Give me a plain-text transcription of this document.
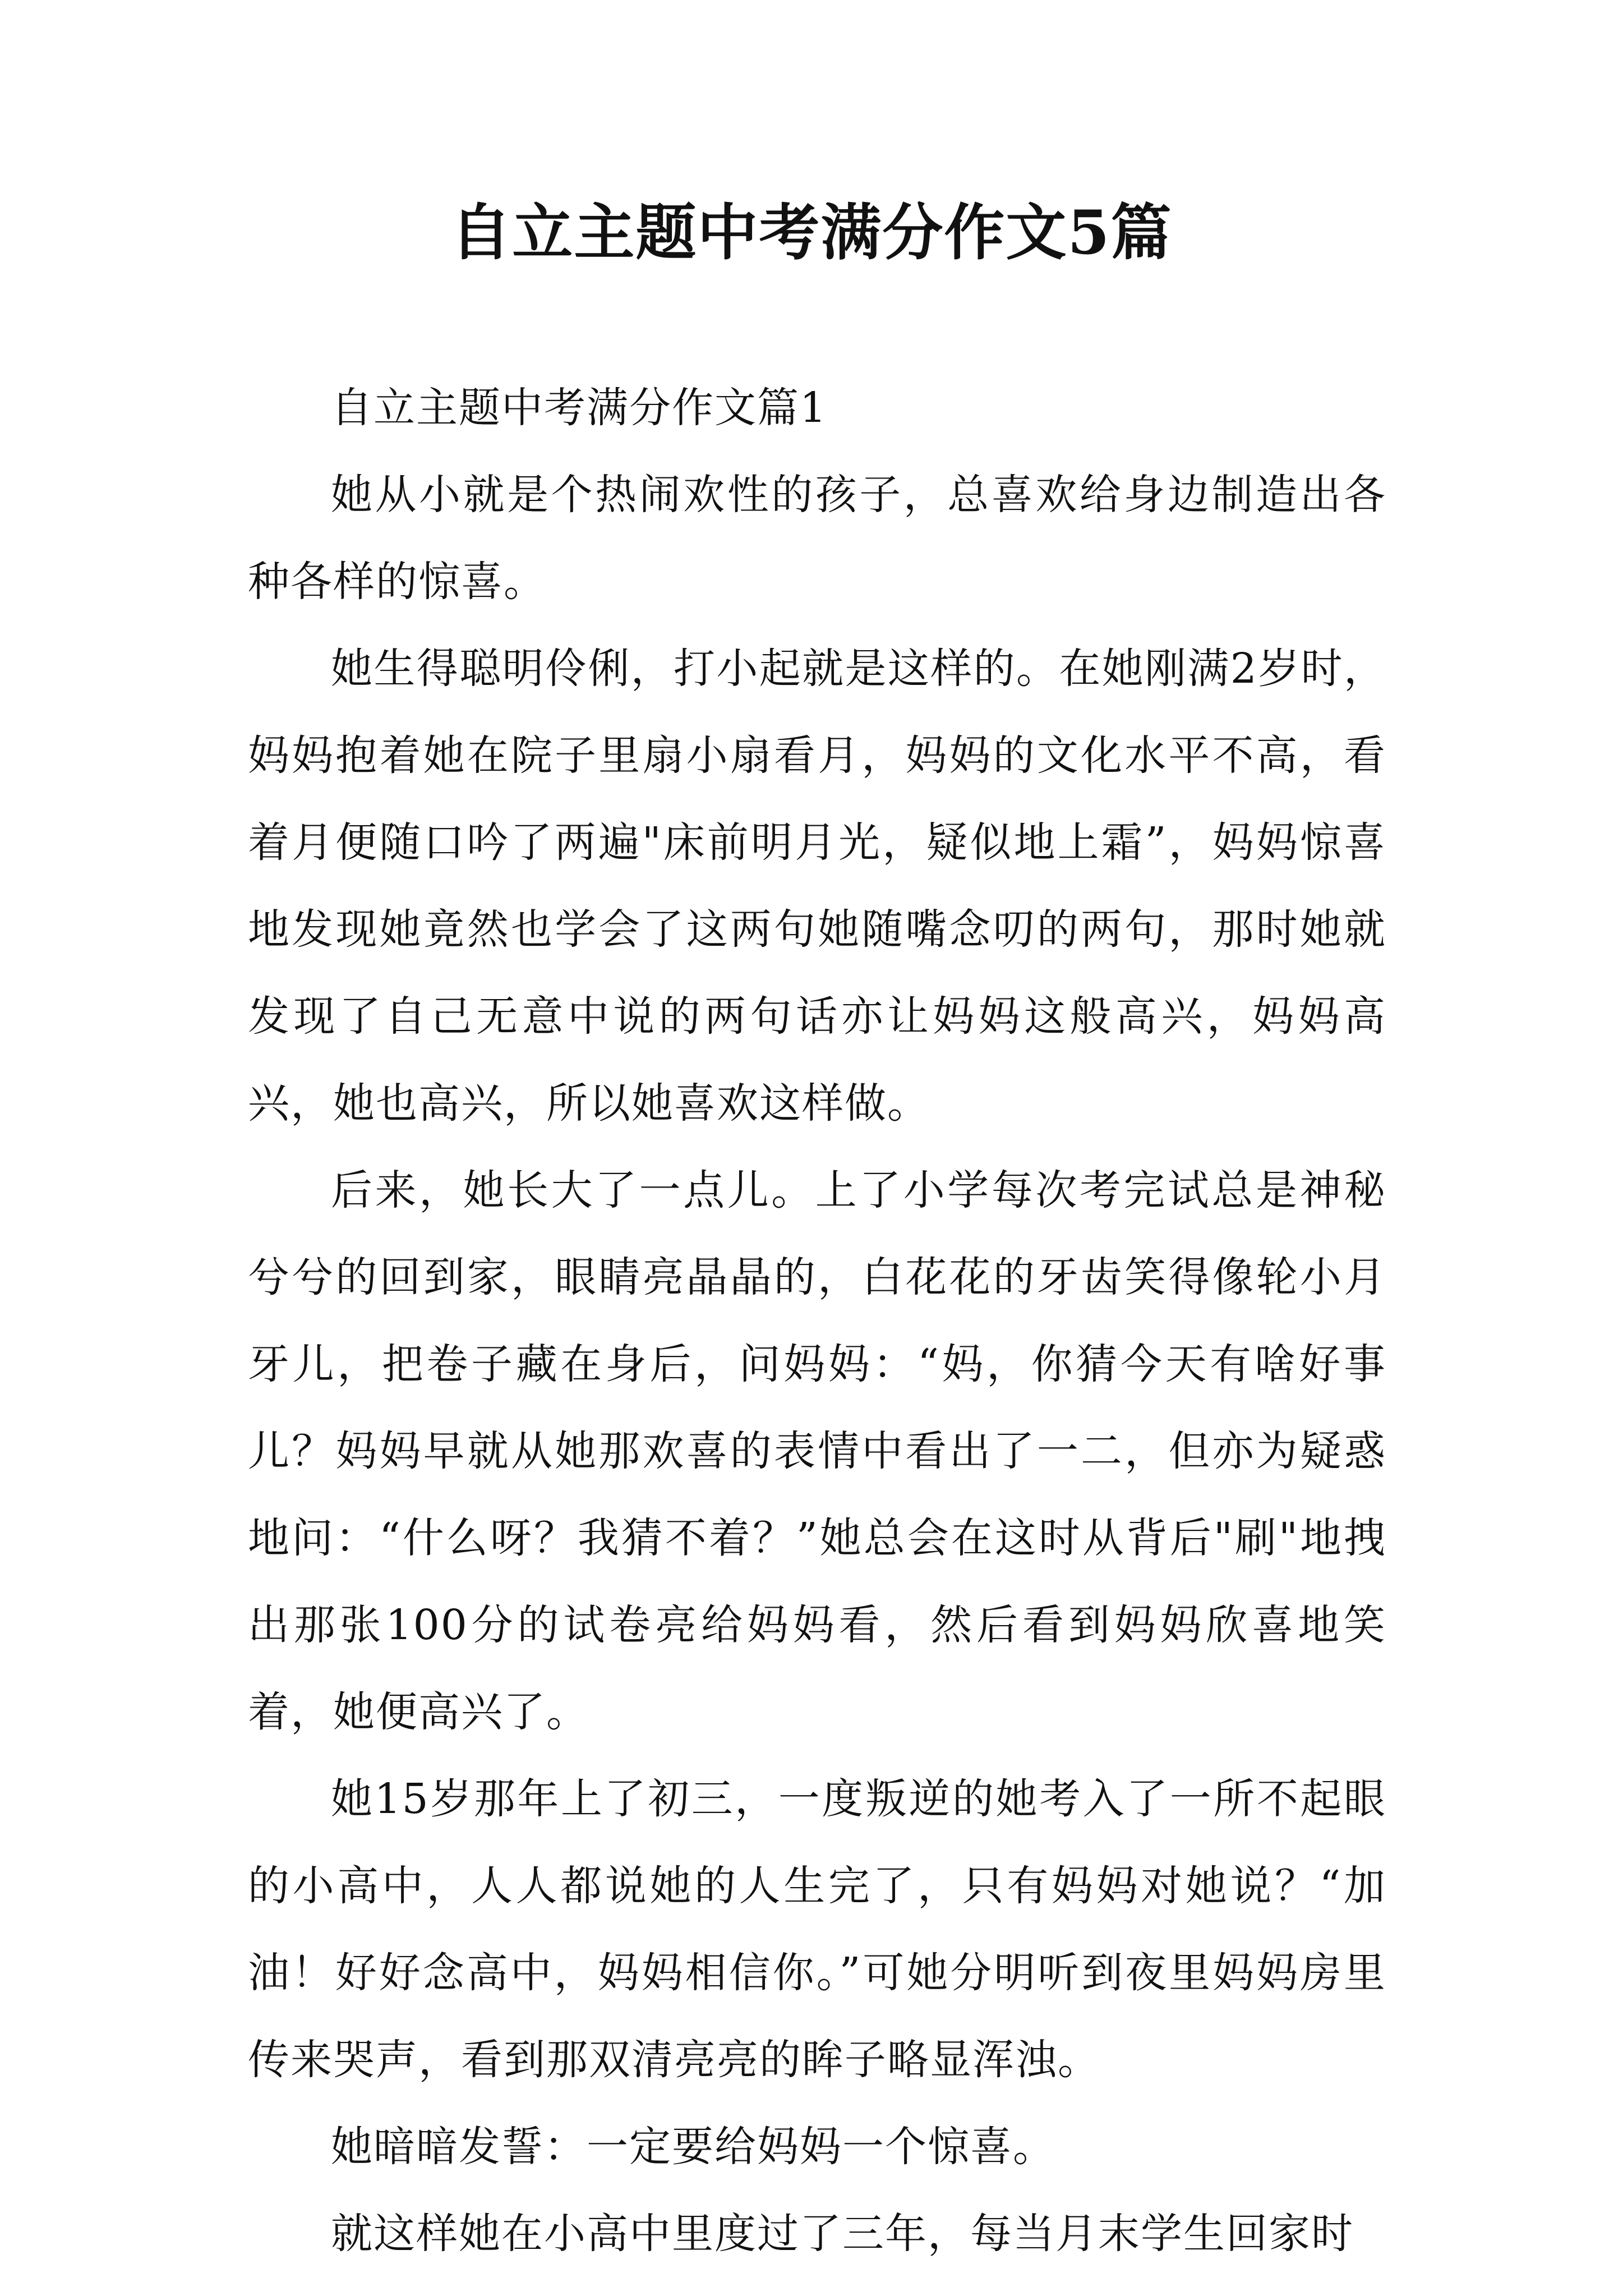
自立主题中考满分作文5篇

自立主题中考满分作文篇1

她从小就是个热闹欢性的孩子，总喜欢给身边制造出各种各样的惊喜。

她生得聪明伶俐，打小起就是这样的。在她刚满2岁时，妈妈抱着她在院子里扇小扇看月，妈妈的文化水平不高，看着月便随口吟了两遍"床前明月光，疑似地上霜”，妈妈惊喜地发现她竟然也学会了这两句她随嘴念叨的两句，那时她就发现了自己无意中说的两句话亦让妈妈这般高兴，妈妈高兴，她也高兴，所以她喜欢这样做。

后来，她长大了一点儿。上了小学每次考完试总是神秘兮兮的回到家，眼睛亮晶晶的，白花花的牙齿笑得像轮小月牙儿，把卷子藏在身后，问妈妈：“妈，你猜今天有啥好事儿？妈妈早就从她那欢喜的表情中看出了一二，但亦为疑惑地问：“什么呀？我猜不着？”她总会在这时从背后"刷"地拽出那张100分的试卷亮给妈妈看，然后看到妈妈欣喜地笑着，她便高兴了。

她15岁那年上了初三，一度叛逆的她考入了一所不起眼的小高中，人人都说她的人生完了，只有妈妈对她说？“加油！好好念高中，妈妈相信你。”可她分明听到夜里妈妈房里传来哭声，看到那双清亮亮的眸子略显浑浊。

她暗暗发誓：一定要给妈妈一个惊喜。

就这样她在小高中里度过了三年，每当月末学生回家时
